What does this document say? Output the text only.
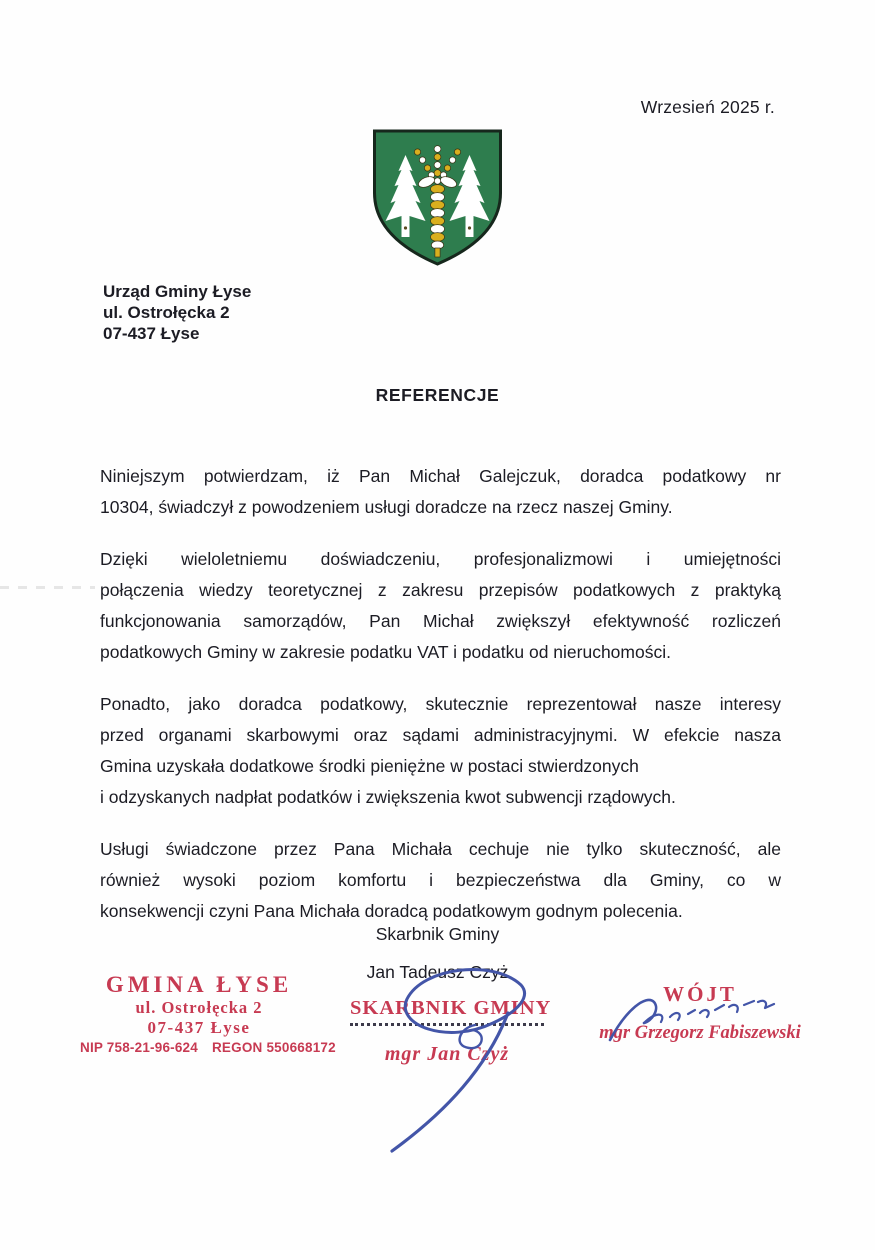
Wrzesień 2025 r.
Urząd Gminy Łyse
ul. Ostrołęcka 2
07-437 Łyse
REFERENCJE

Niniejszym potwierdzam, iż Pan Michał Galejczuk, doradca podatkowy nr
10304, świadczył z powodzeniem usługi doradcze na rzecz naszej Gminy.

Dzięki wieloletniemu doświadczeniu, profesjonalizmowi i umiejętności
połączenia wiedzy teoretycznej z zakresu przepisów podatkowych z praktyką
funkcjonowania samorządów, Pan Michał zwiększył efektywność rozliczeń
podatkowych Gminy w zakresie podatku VAT i podatku od nieruchomości.

Ponadto, jako doradca podatkowy, skutecznie reprezentował nasze interesy
przed organami skarbowymi oraz sądami administracyjnymi. W efekcie nasza
Gmina uzyskała dodatkowe środki pieniężne w postaci stwierdzonych
i odzyskanych nadpłat podatków i zwiększenia kwot subwencji rządowych.

Usługi świadczone przez Pana Michała cechuje nie tylko skuteczność, ale
również wysoki poziom komfortu i bezpieczeństwa dla Gminy, co w
konsekwencji czyni Pana Michała doradcą podatkowym godnym polecenia.

Skarbnik Gminy
Jan Tadeusz Czyż
GMINA ŁYSE
ul. Ostrołęcka 2
07-437 Łyse
NIP 758-21-96-624 REGON 550668172
SKARBNIK GMINY
mgr Jan Czyż
WÓJT
mgr Grzegorz Fabiszewski
